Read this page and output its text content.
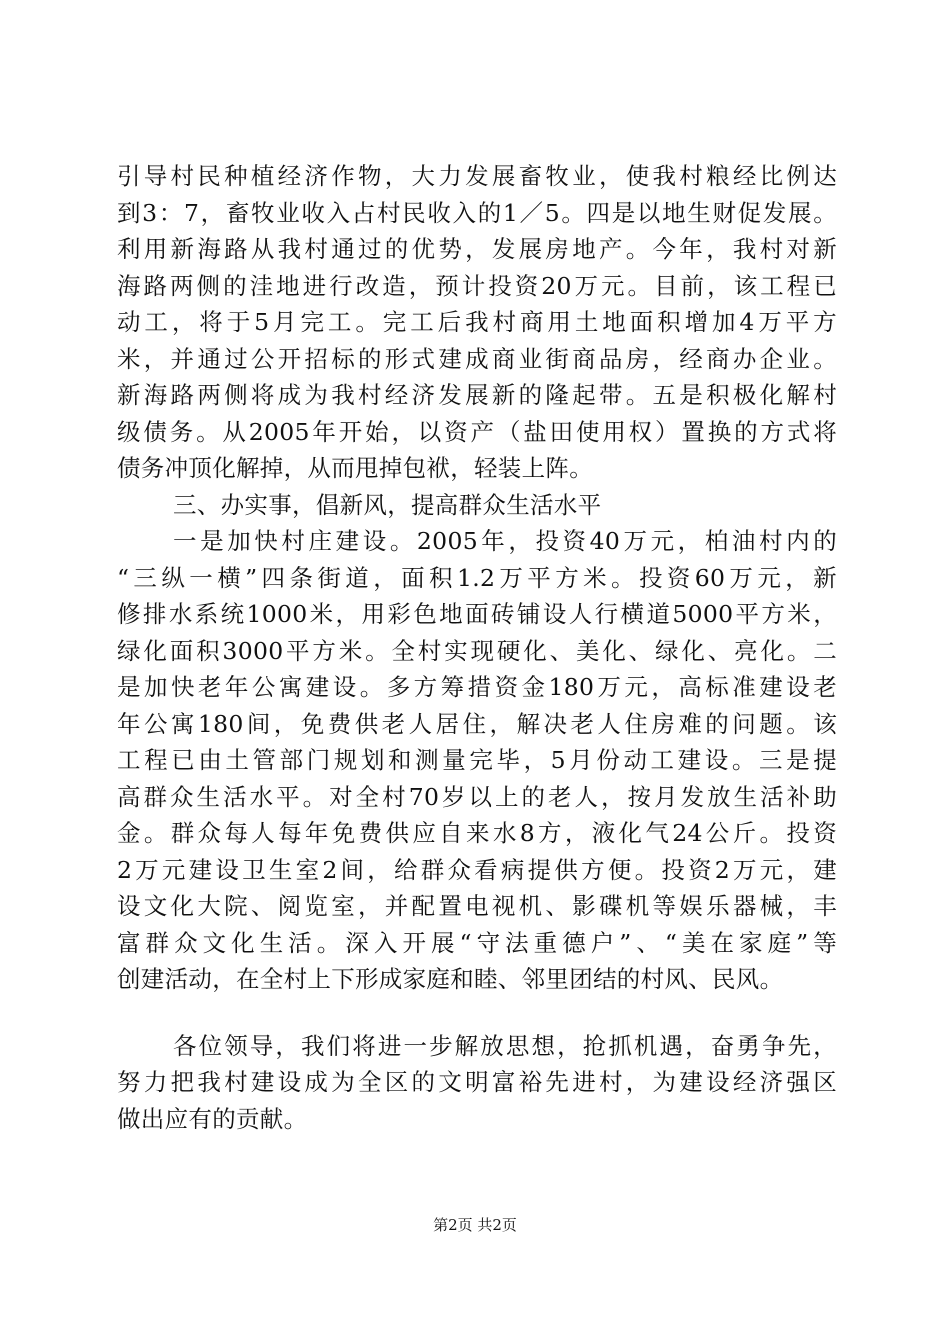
引导村民种植经济作物，大力发展畜牧业，使我村粮经比例达
到3：7，畜牧业收入占村民收入的1／5。四是以地生财促发展。
利用新海路从我村通过的优势，发展房地产。今年，我村对新
海路两侧的洼地进行改造，预计投资20万元。目前，该工程已
动工，将于5月完工。完工后我村商用土地面积增加4万平方
米，并通过公开招标的形式建成商业街商品房，经商办企业。
新海路两侧将成为我村经济发展新的隆起带。五是积极化解村
级债务。从2005年开始，以资产（盐田使用权）置换的方式将
债务冲顶化解掉，从而甩掉包袱，轻装上阵。
三、办实事，倡新风，提高群众生活水平
一是加快村庄建设。2005年，投资40万元，柏油村内的
“三纵一横”四条街道，面积1.2万平方米。投资60万元，新
修排水系统1000米，用彩色地面砖铺设人行横道5000平方米，
绿化面积3000平方米。全村实现硬化、美化、绿化、亮化。二
是加快老年公寓建设。多方筹措资金180万元，高标准建设老
年公寓180间，免费供老人居住，解决老人住房难的问题。该
工程已由土管部门规划和测量完毕，5月份动工建设。三是提
高群众生活水平。对全村70岁以上的老人，按月发放生活补助
金。群众每人每年免费供应自来水8方，液化气24公斤。投资
2万元建设卫生室2间，给群众看病提供方便。投资2万元，建
设文化大院、阅览室，并配置电视机、影碟机等娱乐器械，丰
富群众文化生活。深入开展“守法重德户”、“美在家庭”等
创建活动，在全村上下形成家庭和睦、邻里团结的村风、民风。
各位领导，我们将进一步解放思想，抢抓机遇，奋勇争先，
努力把我村建设成为全区的文明富裕先进村，为建设经济强区
做出应有的贡献。
第2页 共2页
